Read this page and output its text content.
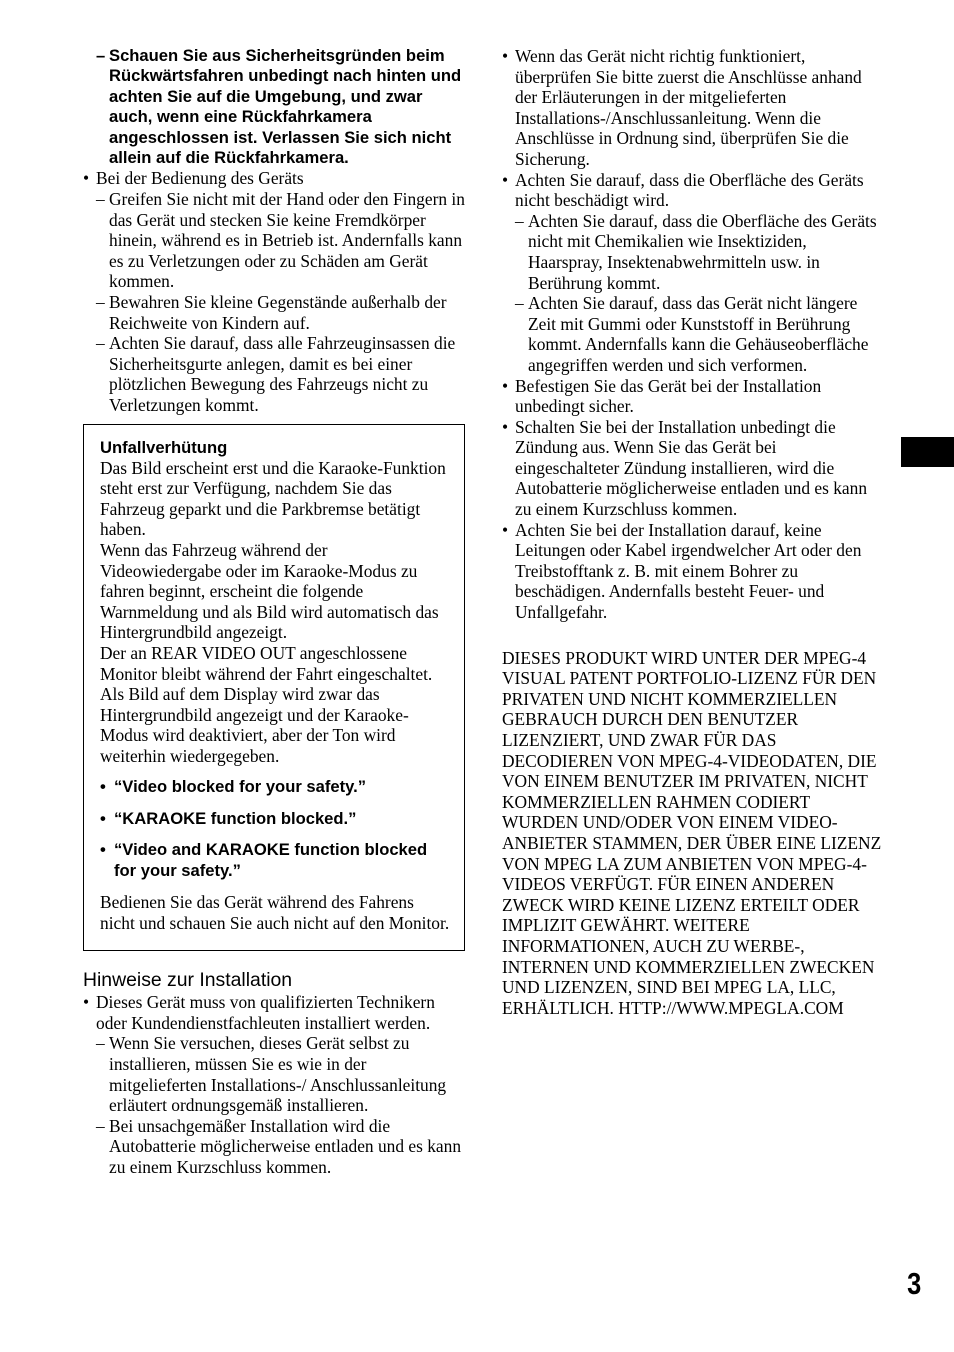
– Schauen Sie aus Sicherheitsgründen beim Rückwärtsfahren unbedingt nach hinten und achten Sie auf die Umgebung, und zwar auch, wenn eine Rückfahrkamera angeschlossen ist. Verlassen Sie sich nicht allein auf die Rückfahrkamera.

• Bei der Bedienung des Geräts

– Greifen Sie nicht mit der Hand oder den Fingern in das Gerät und stecken Sie keine Fremdkörper hinein, während es in Betrieb ist. Andernfalls kann es zu Verletzungen oder zu Schäden am Gerät kommen.

– Bewahren Sie kleine Gegenstände außerhalb der Reichweite von Kindern auf.

– Achten Sie darauf, dass alle Fahrzeuginsassen die Sicherheitsgurte anlegen, damit es bei einer plötzlichen Bewegung des Fahrzeugs nicht zu Verletzungen kommt.

Unfallverhütung

Das Bild erscheint erst und die Karaoke-Funktion steht erst zur Verfügung, nachdem Sie das Fahrzeug geparkt und die Parkbremse betätigt haben.

Wenn das Fahrzeug während der Videowiedergabe oder im Karaoke-Modus zu fahren beginnt, erscheint die folgende Warnmeldung und als Bild wird automatisch das Hintergrundbild angezeigt.

Der an REAR VIDEO OUT angeschlossene Monitor bleibt während der Fahrt eingeschaltet.

Als Bild auf dem Display wird zwar das Hintergrundbild angezeigt und der Karaoke-Modus wird deaktiviert, aber der Ton wird weiterhin wiedergegeben.

• “Video blocked for your safety.”

• “KARAOKE function blocked.”

• “Video and KARAOKE function blocked for your safety.”

Bedienen Sie das Gerät während des Fahrens nicht und schauen Sie auch nicht auf den Monitor.

Hinweise zur Installation

• Dieses Gerät muss von qualifizierten Technikern oder Kundendienstfachleuten installiert werden.

– Wenn Sie versuchen, dieses Gerät selbst zu installieren, müssen Sie es wie in der mitgelieferten Installations-/ Anschlussanleitung erläutert ordnungsgemäß installieren.

– Bei unsachgemäßer Installation wird die Autobatterie möglicherweise entladen und es kann zu einem Kurzschluss kommen.

• Wenn das Gerät nicht richtig funktioniert, überprüfen Sie bitte zuerst die Anschlüsse anhand der Erläuterungen in der mitgelieferten Installations-/Anschlussanleitung. Wenn die Anschlüsse in Ordnung sind, überprüfen Sie die Sicherung.

• Achten Sie darauf, dass die Oberfläche des Geräts nicht beschädigt wird.

– Achten Sie darauf, dass die Oberfläche des Geräts nicht mit Chemikalien wie Insektiziden, Haarspray, Insektenabwehrmitteln usw. in Berührung kommt.

– Achten Sie darauf, dass das Gerät nicht längere Zeit mit Gummi oder Kunststoff in Berührung kommt. Andernfalls kann die Gehäuseoberfläche angegriffen werden und sich verformen.

• Befestigen Sie das Gerät bei der Installation unbedingt sicher.

• Schalten Sie bei der Installation unbedingt die Zündung aus. Wenn Sie das Gerät bei eingeschalteter Zündung installieren, wird die Autobatterie möglicherweise entladen und es kann zu einem Kurzschluss kommen.

• Achten Sie bei der Installation darauf, keine Leitungen oder Kabel irgendwelcher Art oder den Treibstofftank z. B. mit einem Bohrer zu beschädigen. Andernfalls besteht Feuer- und Unfallgefahr.

DIESES PRODUKT WIRD UNTER DER MPEG-4 VISUAL PATENT PORTFOLIO-LIZENZ FÜR DEN PRIVATEN UND NICHT KOMMERZIELLEN GEBRAUCH DURCH DEN BENUTZER LIZENZIERT, UND ZWAR FÜR DAS DECODIEREN VON MPEG-4-VIDEODATEN, DIE VON EINEM BENUTZER IM PRIVATEN, NICHT KOMMERZIELLEN RAHMEN CODIERT WURDEN UND/ODER VON EINEM VIDEO-ANBIETER STAMMEN, DER ÜBER EINE LIZENZ VON MPEG LA ZUM ANBIETEN VON MPEG-4-VIDEOS VERFÜGT. FÜR EINEN ANDEREN ZWECK WIRD KEINE LIZENZ ERTEILT ODER IMPLIZIT GEWÄHRT. WEITERE INFORMATIONEN, AUCH ZU WERBE-, INTERNEN UND KOMMERZIELLEN ZWECKEN UND LIZENZEN, SIND BEI MPEG LA, LLC, ERHÄLTLICH. HTTP://WWW.MPEGLA.COM

3
